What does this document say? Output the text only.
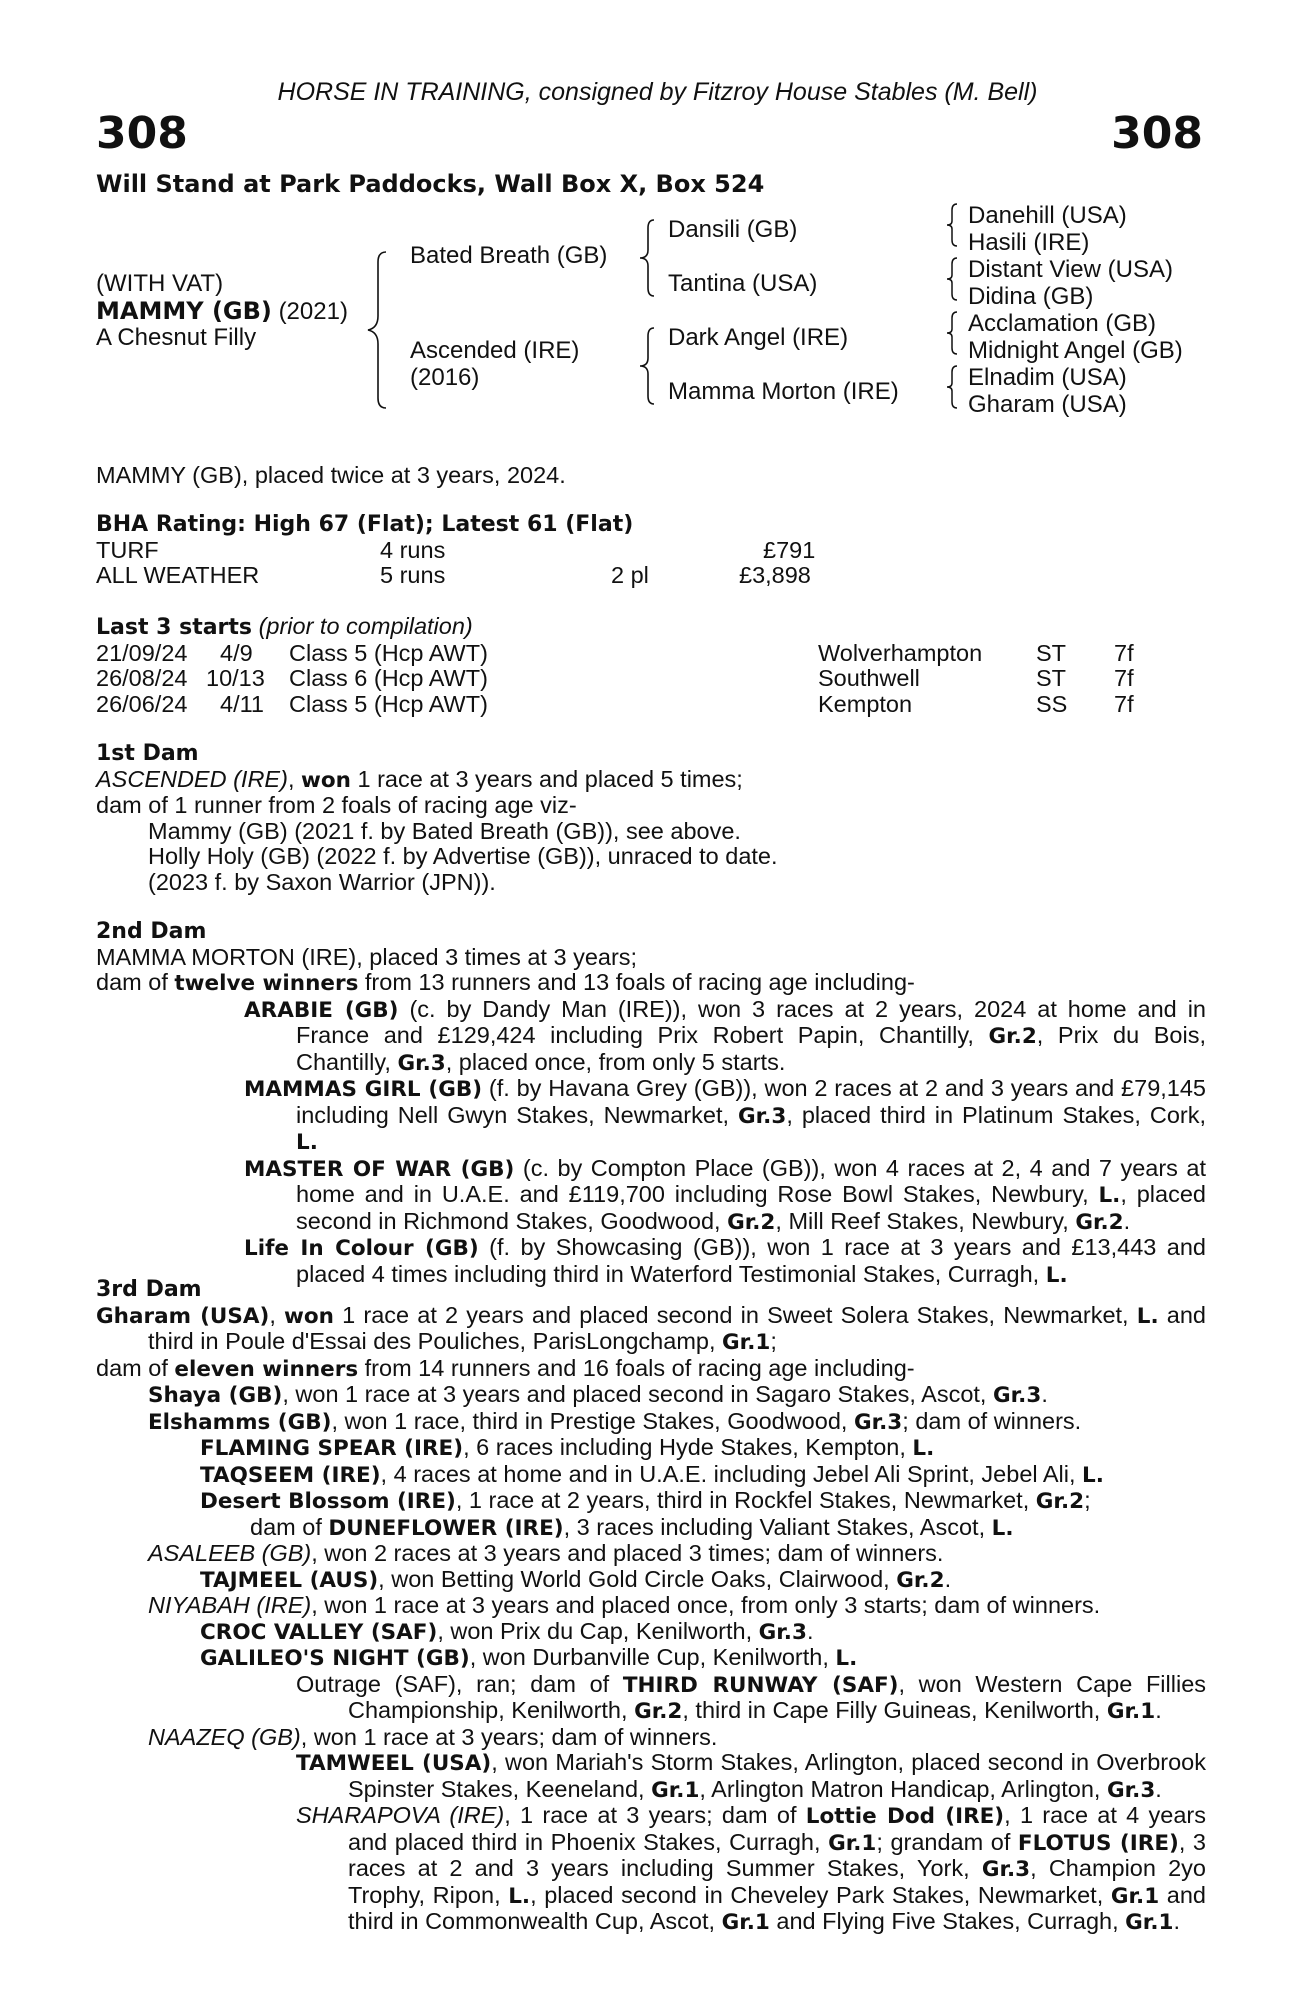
HORSE IN TRAINING, consigned by Fitzroy House Stables (M. Bell)
308	308
Will Stand at Park Paddocks, Wall Box X, Box 524
(WITH VAT)
MAMMY (GB) (2021)
A Chesnut Filly
Bated Breath (GB)
Ascended (IRE)
(2016)
Dansili (GB)
Tantina (USA)
Dark Angel (IRE)
Mamma Morton (IRE)
Danehill (USA)
Hasili (IRE)
Distant View (USA)
Didina (GB)
Acclamation (GB)
Midnight Angel (GB)
Elnadim (USA)
Gharam (USA)
MAMMY (GB), placed twice at 3 years, 2024.

BHA Rating: High 67 (Flat); Latest 61 (Flat)

TURF	4 runs	£791
ALL WEATHER	5 runs	2 pl	£3,898

Last 3 starts (prior to compilation)

21/09/24 4/9 Class 5 (Hcp AWT)	Wolverhampton ST 7f
26/08/24 10/13 Class 6 (Hcp AWT)	Southwell	ST 7f
26/06/24 4/11 Class 5 (Hcp AWT)	Kempton	SS 7f

1st Dam

ASCENDED (IRE), won 1 race at 3 years and placed 5 times;

dam of 1 runner from 2 foals of racing age viz-

Mammy (GB) (2021 f. by Bated Breath (GB)), see above.

Holly Holy (GB) (2022 f. by Advertise (GB)), unraced to date.

(2023 f. by Saxon Warrior (JPN)).

2nd Dam

MAMMA MORTON (IRE), placed 3 times at 3 years;

dam of twelve winners from 13 runners and 13 foals of racing age including-

ARABIE (GB) (c. by Dandy Man (IRE)), won 3 races at 2 years, 2024 at home and in France and £129,424 including Prix Robert Papin, Chantilly, Gr.2, Prix du Bois, Chantilly, Gr.3, placed once, from only 5 starts.

MAMMAS GIRL (GB) (f. by Havana Grey (GB)), won 2 races at 2 and 3 years and £79,145 including Nell Gwyn Stakes, Newmarket, Gr.3, placed third in Platinum Stakes, Cork, L.

MASTER OF WAR (GB) (c. by Compton Place (GB)), won 4 races at 2, 4 and 7 years at home and in U.A.E. and £119,700 including Rose Bowl Stakes, Newbury, L., placed second in Richmond Stakes, Goodwood, Gr.2, Mill Reef Stakes, Newbury, Gr.2.

Life In Colour (GB) (f. by Showcasing (GB)), won 1 race at 3 years and £13,443 and placed 4 times including third in Waterford Testimonial Stakes, Curragh, L.

3rd Dam

Gharam (USA), won 1 race at 2 years and placed second in Sweet Solera Stakes, Newmarket, L. and third in Poule d'Essai des Pouliches, ParisLongchamp, Gr.1;

dam of eleven winners from 14 runners and 16 foals of racing age including-

Shaya (GB), won 1 race at 3 years and placed second in Sagaro Stakes, Ascot, Gr.3.

Elshamms (GB), won 1 race, third in Prestige Stakes, Goodwood, Gr.3; dam of winners.

FLAMING SPEAR (IRE), 6 races including Hyde Stakes, Kempton, L.

TAQSEEM (IRE), 4 races at home and in U.A.E. including Jebel Ali Sprint, Jebel Ali, L.

Desert Blossom (IRE), 1 race at 2 years, third in Rockfel Stakes, Newmarket, Gr.2;

dam of DUNEFLOWER (IRE), 3 races including Valiant Stakes, Ascot, L.

ASALEEB (GB), won 2 races at 3 years and placed 3 times; dam of winners.

TAJMEEL (AUS), won Betting World Gold Circle Oaks, Clairwood, Gr.2.

NIYABAH (IRE), won 1 race at 3 years and placed once, from only 3 starts; dam of winners.

CROC VALLEY (SAF), won Prix du Cap, Kenilworth, Gr.3.

GALILEO'S NIGHT (GB), won Durbanville Cup, Kenilworth, L.

Outrage (SAF), ran; dam of THIRD RUNWAY (SAF), won Western Cape Fillies Championship, Kenilworth, Gr.2, third in Cape Filly Guineas, Kenilworth, Gr.1.

NAAZEQ (GB), won 1 race at 3 years; dam of winners.

TAMWEEL (USA), won Mariah's Storm Stakes, Arlington, placed second in Overbrook Spinster Stakes, Keeneland, Gr.1, Arlington Matron Handicap, Arlington, Gr.3.

SHARAPOVA (IRE), 1 race at 3 years; dam of Lottie Dod (IRE), 1 race at 4 years and placed third in Phoenix Stakes, Curragh, Gr.1; grandam of FLOTUS (IRE), 3 races at 2 and 3 years including Summer Stakes, York, Gr.3, Champion 2yo Trophy, Ripon, L., placed second in Cheveley Park Stakes, Newmarket, Gr.1 and third in Commonwealth Cup, Ascot, Gr.1 and Flying Five Stakes, Curragh, Gr.1.
